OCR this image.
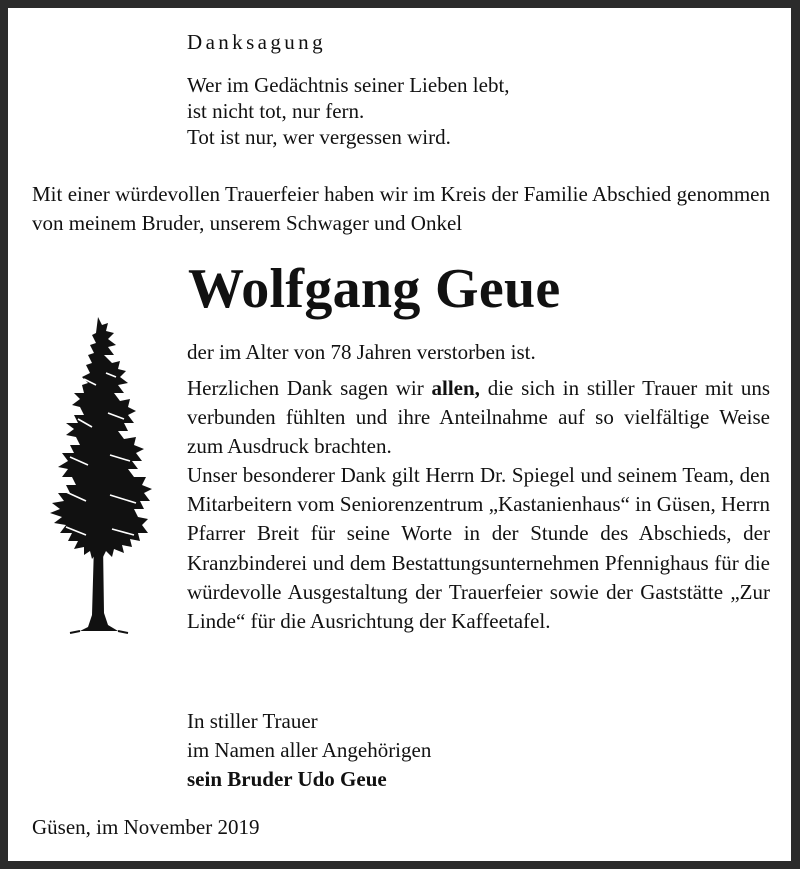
Danksagung
Wer im Gedächtnis seiner Lieben lebt,
ist nicht tot, nur fern.
Tot ist nur, wer vergessen wird.
Mit einer würdevollen Trauerfeier haben wir im Kreis der Familie Abschied genommen von meinem Bruder, unserem Schwager und Onkel
Wolfgang Geue
der im Alter von 78 Jahren verstorben ist.

Herzlichen Dank sagen wir allen, die sich in stiller Trauer mit uns verbunden fühlten und ihre Anteilnahme auf so vielfältige Weise zum Ausdruck brachten.

Unser besonderer Dank gilt Herrn Dr. Spiegel und seinem Team, den Mitarbeitern vom Seniorenzentrum „Kastanienhaus“ in Güsen, Herrn Pfarrer Breit für seine Worte in der Stunde des Abschieds, der Kranzbinderei und dem Bestattungsunternehmen Pfennighaus für die würdevolle Ausgestaltung der Trauerfeier sowie der Gaststätte „Zur Linde“ für die Ausrichtung der Kaffeetafel.

In stiller Trauer
im Namen aller Angehörigen
sein Bruder Udo Geue
Güsen, im November 2019
